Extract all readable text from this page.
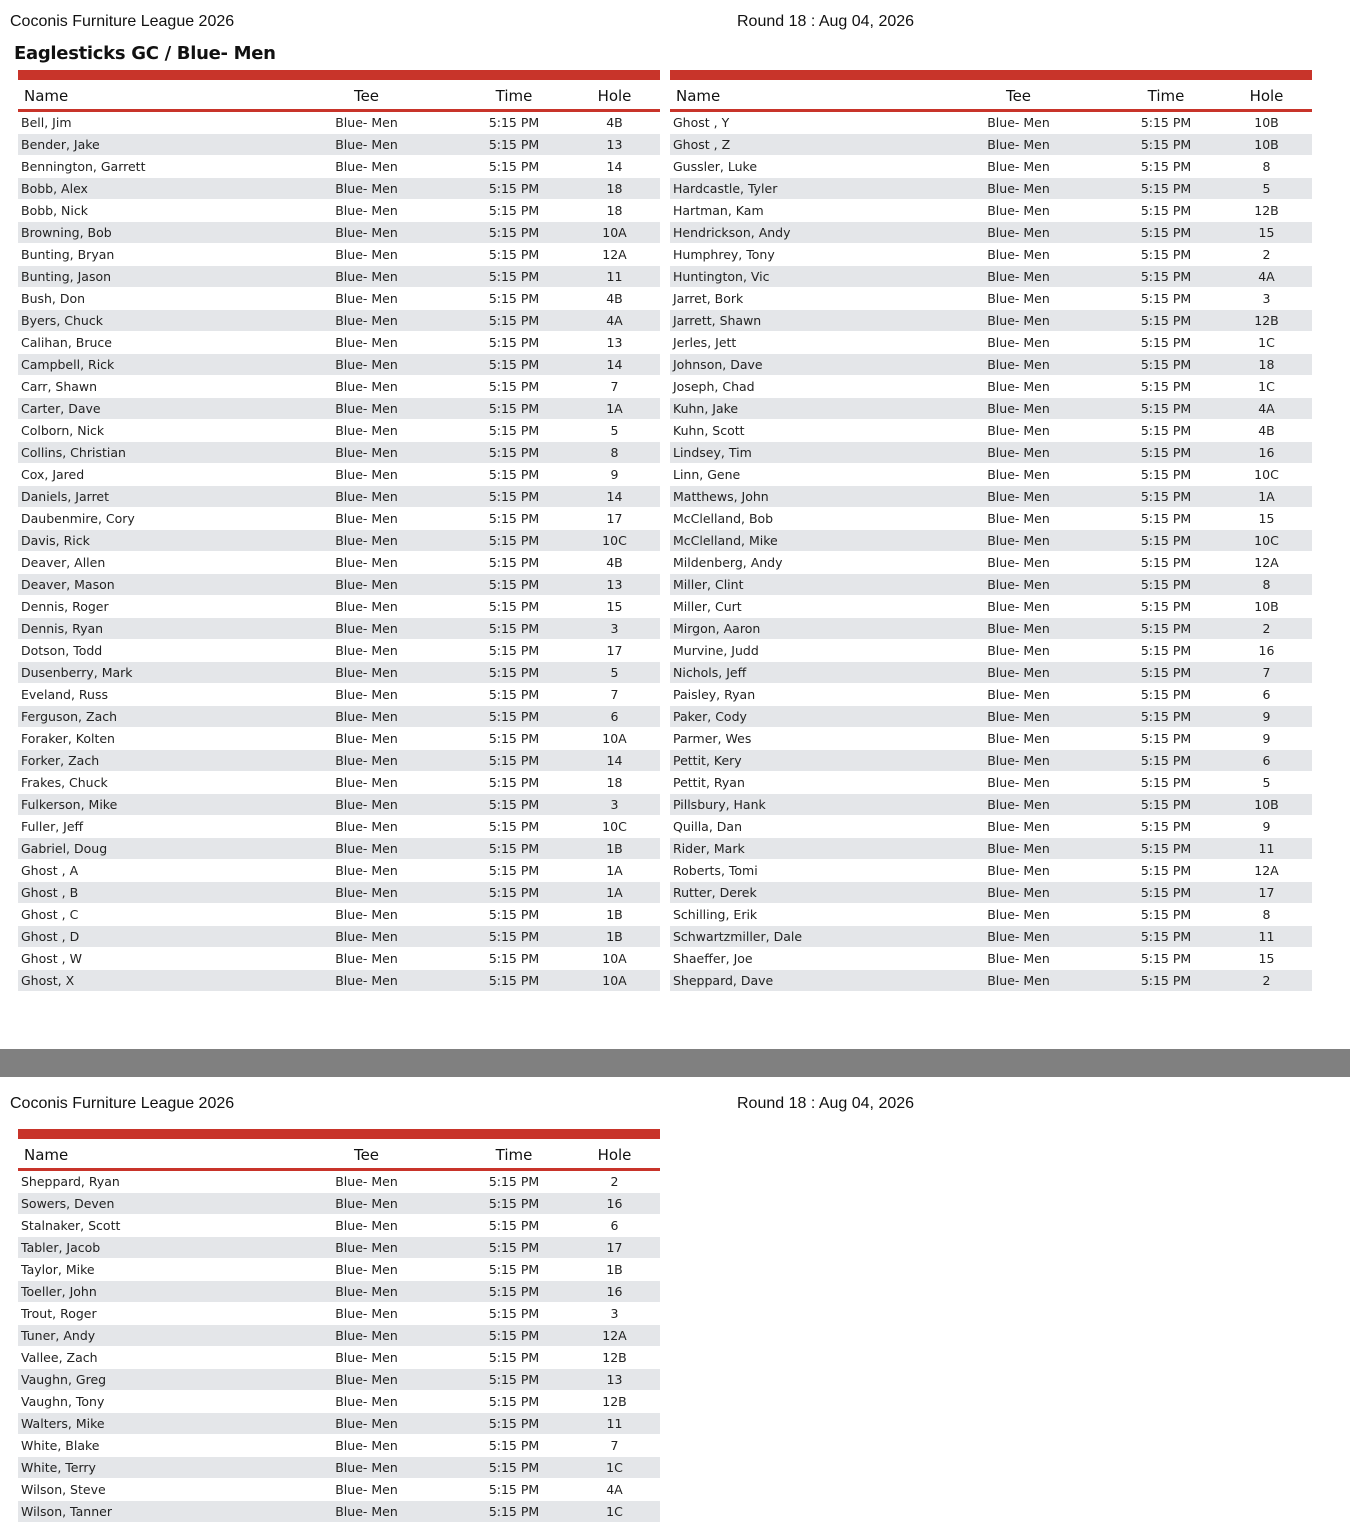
Coconis Furniture League 2026	Round 18 : Aug 04, 2026
Eaglesticks GC / Blue- Men
Name	Tee	Time	Hole
Bell, Jim	Blue- Men	5:15 PM	4B
Bender, Jake	Blue- Men	5:15 PM	13
Bennington, Garrett	Blue- Men	5:15 PM	14
Bobb, Alex	Blue- Men	5:15 PM	18
Bobb, Nick	Blue- Men	5:15 PM	18
Browning, Bob	Blue- Men	5:15 PM	10A
Bunting, Bryan	Blue- Men	5:15 PM	12A
Bunting, Jason	Blue- Men	5:15 PM	11
Bush, Don	Blue- Men	5:15 PM	4B
Byers, Chuck	Blue- Men	5:15 PM	4A
Calihan, Bruce	Blue- Men	5:15 PM	13
Campbell, Rick	Blue- Men	5:15 PM	14
Carr, Shawn	Blue- Men	5:15 PM	7
Carter, Dave	Blue- Men	5:15 PM	1A
Colborn, Nick	Blue- Men	5:15 PM	5
Collins, Christian	Blue- Men	5:15 PM	8
Cox, Jared	Blue- Men	5:15 PM	9
Daniels, Jarret	Blue- Men	5:15 PM	14
Daubenmire, Cory	Blue- Men	5:15 PM	17
Davis, Rick	Blue- Men	5:15 PM	10C
Deaver, Allen	Blue- Men	5:15 PM	4B
Deaver, Mason	Blue- Men	5:15 PM	13
Dennis, Roger	Blue- Men	5:15 PM	15
Dennis, Ryan	Blue- Men	5:15 PM	3
Dotson, Todd	Blue- Men	5:15 PM	17
Dusenberry, Mark	Blue- Men	5:15 PM	5
Eveland, Russ	Blue- Men	5:15 PM	7
Ferguson, Zach	Blue- Men	5:15 PM	6
Foraker, Kolten	Blue- Men	5:15 PM	10A
Forker, Zach	Blue- Men	5:15 PM	14
Frakes, Chuck	Blue- Men	5:15 PM	18
Fulkerson, Mike	Blue- Men	5:15 PM	3
Fuller, Jeff	Blue- Men	5:15 PM	10C
Gabriel, Doug	Blue- Men	5:15 PM	1B
Ghost , A	Blue- Men	5:15 PM	1A
Ghost , B	Blue- Men	5:15 PM	1A
Ghost , C	Blue- Men	5:15 PM	1B
Ghost , D	Blue- Men	5:15 PM	1B
Ghost , W	Blue- Men	5:15 PM	10A
Ghost, X	Blue- Men	5:15 PM	10A
Name	Tee	Time	Hole
Ghost , Y	Blue- Men	5:15 PM	10B
Ghost , Z	Blue- Men	5:15 PM	10B
Gussler, Luke	Blue- Men	5:15 PM	8
Hardcastle, Tyler	Blue- Men	5:15 PM	5
Hartman, Kam	Blue- Men	5:15 PM	12B
Hendrickson, Andy	Blue- Men	5:15 PM	15
Humphrey, Tony	Blue- Men	5:15 PM	2
Huntington, Vic	Blue- Men	5:15 PM	4A
Jarret, Bork	Blue- Men	5:15 PM	3
Jarrett, Shawn	Blue- Men	5:15 PM	12B
Jerles, Jett	Blue- Men	5:15 PM	1C
Johnson, Dave	Blue- Men	5:15 PM	18
Joseph, Chad	Blue- Men	5:15 PM	1C
Kuhn, Jake	Blue- Men	5:15 PM	4A
Kuhn, Scott	Blue- Men	5:15 PM	4B
Lindsey, Tim	Blue- Men	5:15 PM	16
Linn, Gene	Blue- Men	5:15 PM	10C
Matthews, John	Blue- Men	5:15 PM	1A
McClelland, Bob	Blue- Men	5:15 PM	15
McClelland, Mike	Blue- Men	5:15 PM	10C
Mildenberg, Andy	Blue- Men	5:15 PM	12A
Miller, Clint	Blue- Men	5:15 PM	8
Miller, Curt	Blue- Men	5:15 PM	10B
Mirgon, Aaron	Blue- Men	5:15 PM	2
Murvine, Judd	Blue- Men	5:15 PM	16
Nichols, Jeff	Blue- Men	5:15 PM	7
Paisley, Ryan	Blue- Men	5:15 PM	6
Paker, Cody	Blue- Men	5:15 PM	9
Parmer, Wes	Blue- Men	5:15 PM	9
Pettit, Kery	Blue- Men	5:15 PM	6
Pettit, Ryan	Blue- Men	5:15 PM	5
Pillsbury, Hank	Blue- Men	5:15 PM	10B
Quilla, Dan	Blue- Men	5:15 PM	9
Rider, Mark	Blue- Men	5:15 PM	11
Roberts, Tomi	Blue- Men	5:15 PM	12A
Rutter, Derek	Blue- Men	5:15 PM	17
Schilling, Erik	Blue- Men	5:15 PM	8
Schwartzmiller, Dale	Blue- Men	5:15 PM	11
Shaeffer, Joe	Blue- Men	5:15 PM	15
Sheppard, Dave	Blue- Men	5:15 PM	2
Coconis Furniture League 2026	Round 18 : Aug 04, 2026
Name	Tee	Time	Hole
Sheppard, Ryan	Blue- Men	5:15 PM	2
Sowers, Deven	Blue- Men	5:15 PM	16
Stalnaker, Scott	Blue- Men	5:15 PM	6
Tabler, Jacob	Blue- Men	5:15 PM	17
Taylor, Mike	Blue- Men	5:15 PM	1B
Toeller, John	Blue- Men	5:15 PM	16
Trout, Roger	Blue- Men	5:15 PM	3
Tuner, Andy	Blue- Men	5:15 PM	12A
Vallee, Zach	Blue- Men	5:15 PM	12B
Vaughn, Greg	Blue- Men	5:15 PM	13
Vaughn, Tony	Blue- Men	5:15 PM	12B
Walters, Mike	Blue- Men	5:15 PM	11
White, Blake	Blue- Men	5:15 PM	7
White, Terry	Blue- Men	5:15 PM	1C
Wilson, Steve	Blue- Men	5:15 PM	4A
Wilson, Tanner	Blue- Men	5:15 PM	1C
